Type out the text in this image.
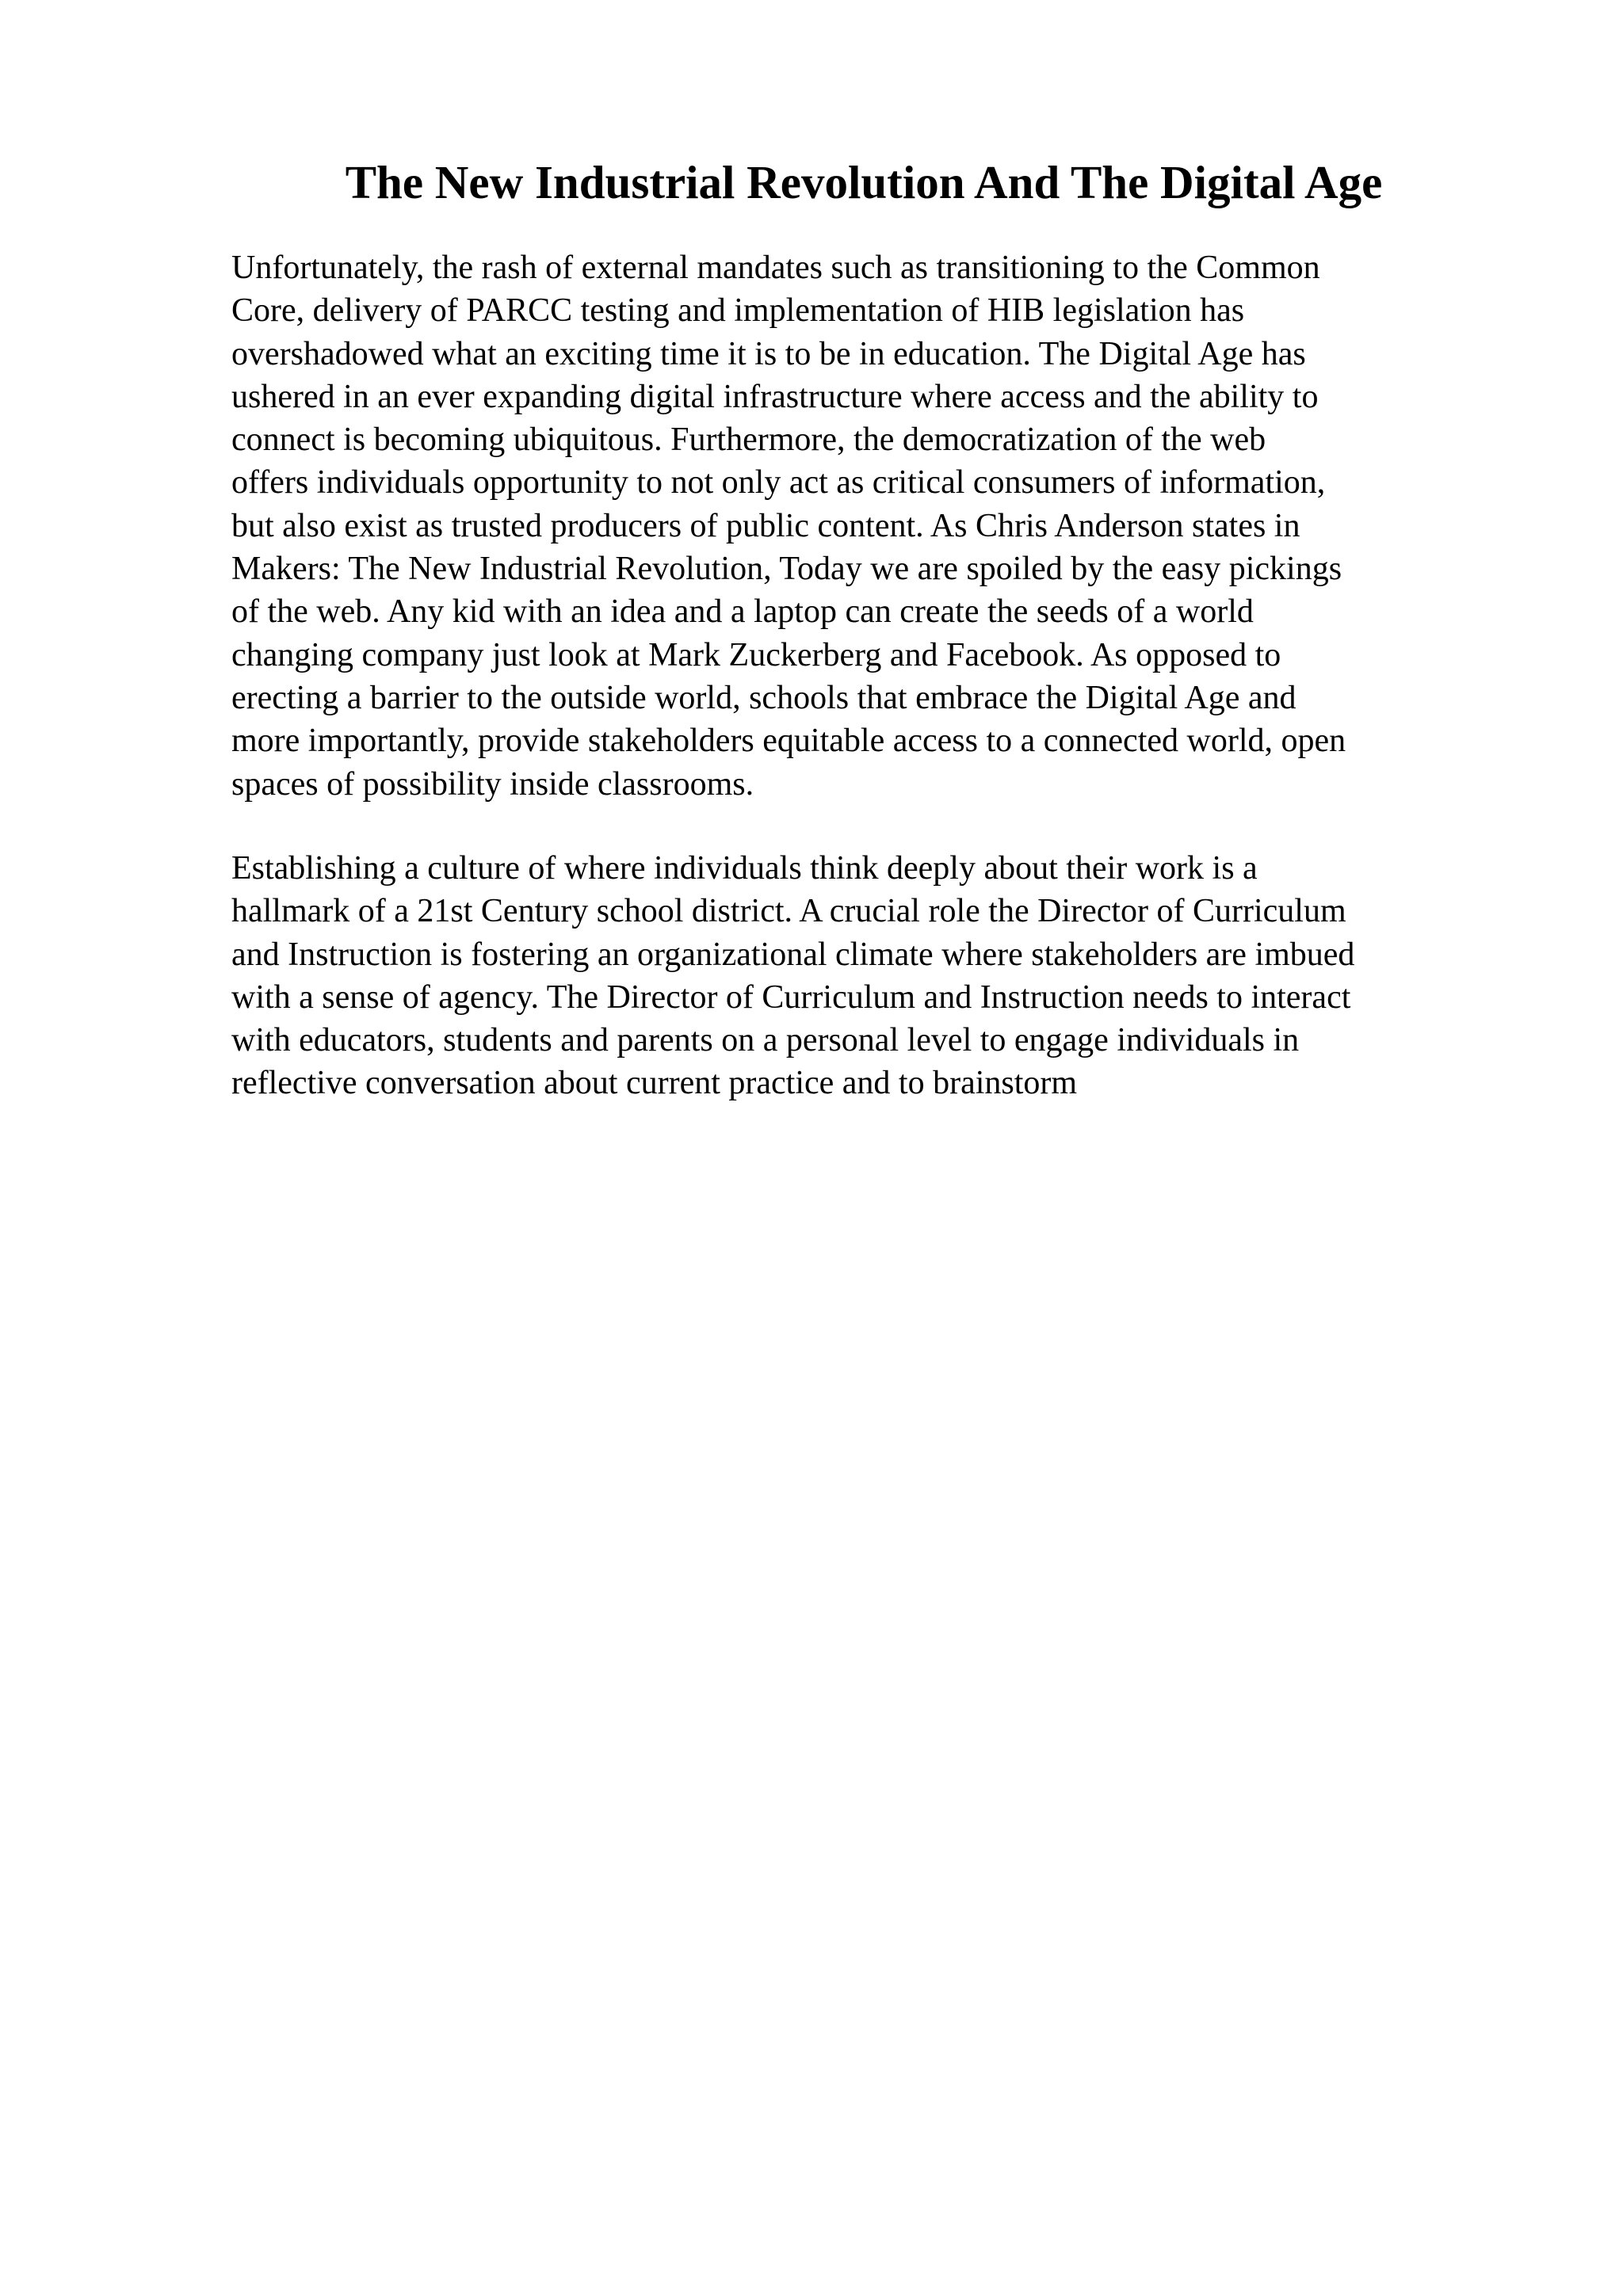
The New Industrial Revolution And The Digital Age
Unfortunately, the rash of external mandates such as transitioning to the Common
Core, delivery of PARCC testing and implementation of HIB legislation has
overshadowed what an exciting time it is to be in education. The Digital Age has
ushered in an ever expanding digital infrastructure where access and the ability to
connect is becoming ubiquitous. Furthermore, the democratization of the web
offers individuals opportunity to not only act as critical consumers of information,
but also exist as trusted producers of public content. As Chris Anderson states in
Makers: The New Industrial Revolution, Today we are spoiled by the easy pickings
of the web. Any kid with an idea and a laptop can create the seeds of a world
changing company just look at Mark Zuckerberg and Facebook. As opposed to
erecting a barrier to the outside world, schools that embrace the Digital Age and
more importantly, provide stakeholders equitable access to a connected world, open
spaces of possibility inside classrooms.
Establishing a culture of where individuals think deeply about their work is a
hallmark of a 21st Century school district. A crucial role the Director of Curriculum
and Instruction is fostering an organizational climate where stakeholders are imbued
with a sense of agency. The Director of Curriculum and Instruction needs to interact
with educators, students and parents on a personal level to engage individuals in
reflective conversation about current practice and to brainstorm
